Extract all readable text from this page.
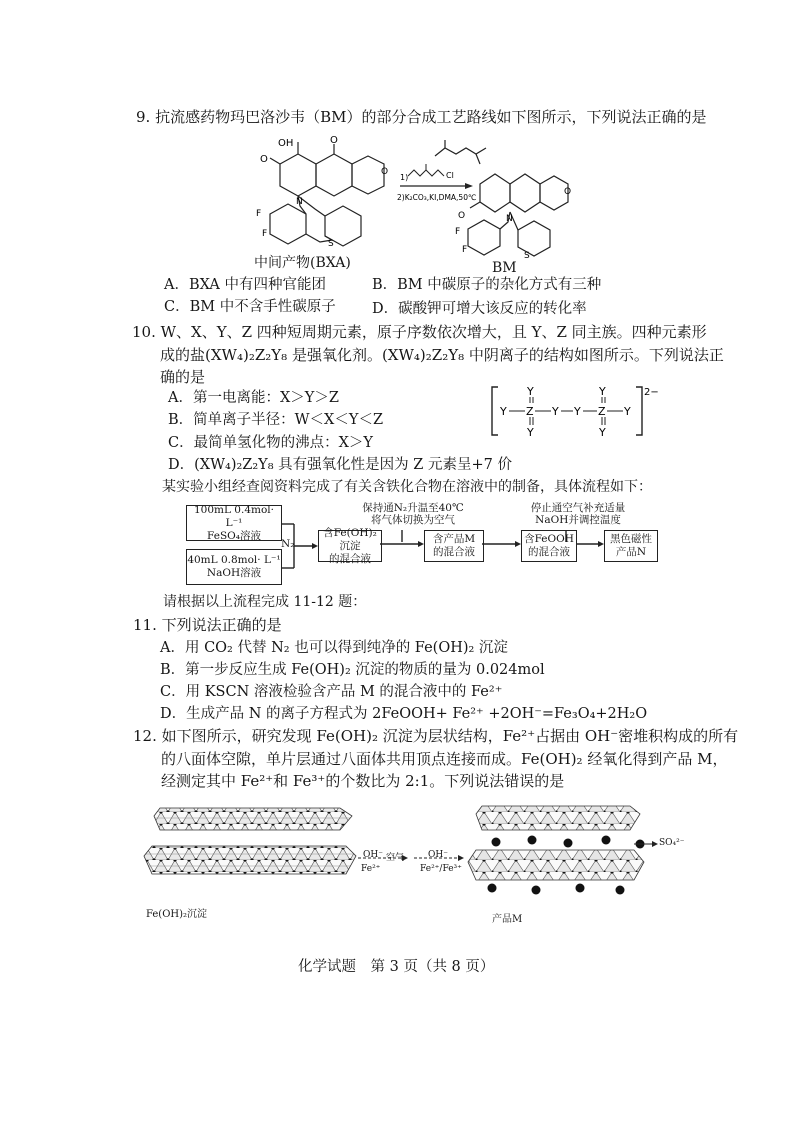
9. 抗流感药物玛巴洛沙韦（BM）的部分合成工艺路线如下图所示，下列说法正确的是
OH
O
O
O
N
F
F
S
1)	Cl
2)K₂CO₃,KI,DMA,50℃
O
O
N
F
F
S
中间产物(BXA)	BM
A．BXA 中有四种官能团	B．BM 中碳原子的杂化方式有三种
C．BM 中不含手性碳原子	D．碳酸钾可增大该反应的转化率
10. W、X、Y、Z 四种短周期元素，原子序数依次增大，且 Y、Z 同主族。四种元素形
成的盐(XW₄)₂Z₂Y₈ 是强氧化剂。(XW₄)₂Z₂Y₈ 中阴离子的结构如图所示。下列说法正
确的是
A．第一电离能：X＞Y＞Z
B．简单离子半径：W＜X＜Y＜Z
C．最简单氢化物的沸点：X＞Y
D．(XW₄)₂Z₂Y₈ 具有强氧化性是因为 Z 元素呈+7 价
Y Z
Y
Y
Y Y Z
Y
Y
Y
2−
某实验小组经查阅资料完成了有关含铁化合物在溶液中的制备，具体流程如下：
100mL 0.4mol· L⁻¹
FeSO₄溶液
40mL 0.8mol· L⁻¹
NaOH溶液
N₂
含Fe(OH)₂沉淀
的混合液
保持通N₂升温至40℃
将气体切换为空气
含产品M
的混合液
含FeOOH
的混合液
停止通空气补充适量
NaOH并调控温度
黑色磁性
产品N
请根据以上流程完成 11-12 题：
11. 下列说法正确的是
A．用 CO₂ 代替 N₂ 也可以得到纯净的 Fe(OH)₂ 沉淀
B．第一步反应生成 Fe(OH)₂ 沉淀的物质的量为 0.024mol
C．用 KSCN 溶液检验含产品 M 的混合液中的 Fe²⁺
D．生成产品 N 的离子方程式为 2FeOOH+ Fe²⁺ +2OH⁻=Fe₃O₄+2H₂O
12. 如下图所示，研究发现 Fe(OH)₂ 沉淀为层状结构，Fe²⁺占据由 OH⁻密堆积构成的所有
的八面体空隙，单片层通过八面体共用顶点连接而成。Fe(OH)₂ 经氧化得到产品 M，
经测定其中 Fe²⁺和 Fe³⁺的个数比为 2:1。下列说法错误的是
OH⁻ 空气
Fe²⁺
OH⁻
Fe²⁺/Fe³⁺
SO₄²⁻
Fe(OH)₂沉淀	产品M
化学试题　第 3 页（共 8 页）
